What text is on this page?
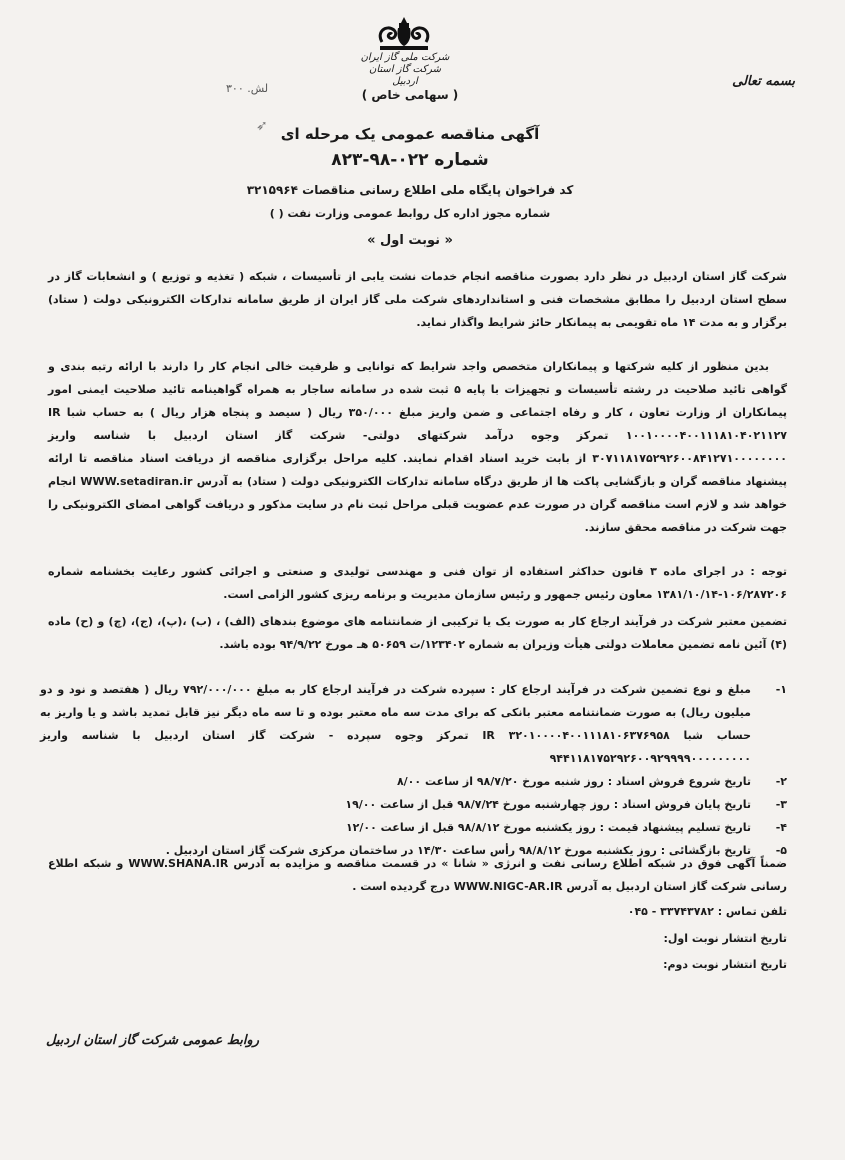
شرکت ملی گاز ایران
شرکت گاز استان اردبیل
( سهامی خاص )
بسمه تعالی
۳۰۰ .لش
➶ آگهی مناقصه عمومی یک مرحله ای
شماره ۰۲۲-۹۸-۸۲۳
کد فراخوان پایگاه ملی اطلاع رسانی مناقصات ۳۲۱۵۹۶۴
شماره مجوز اداره کل روابط عمومی وزارت نفت ( )
« نوبت اول »
شرکت گاز استان اردبیل در نظر دارد بصورت مناقصه انجام خدمات نشت یابی از تأسیسات ، شبکه ( تغذیه و توزیع ) و انشعابات گاز در سطح استان اردبیل را مطابق مشخصات فنی و استانداردهای شرکت ملی گاز ایران از طریق سامانه تدارکات الکترونیکی دولت ( ستاد) برگزار و به مدت ۱۴ ماه تقویمی به پیمانکار حائز شرایط واگذار نماید.
بدین منظور از کلیه شرکتها و پیمانکاران متخصص واجد شرایط که توانایی و ظرفیت خالی انجام کار را دارند با ارائه رتبه بندی و گواهی تائید صلاحیت در رشته تأسیسات و تجهیزات با پایه ۵ ثبت شده در سامانه ساجار به همراه گواهینامه تائید صلاحیت ایمنی امور پیمانکاران از وزارت تعاون ، کار و رفاه اجتماعی و ضمن واریز مبلغ ۳۵۰/۰۰۰ ریال ( سیصد و پنجاه هزار ریال ) به حساب شبا IR ۱۰۰۱۰۰۰۰۴۰۰۱۱۱۸۱۰۴۰۲۱۱۲۷ تمرکز وجوه درآمد شرکتهای دولتی- شرکت گاز استان اردبیل با شناسه واریز ۳۰۷۱۱۸۱۷۵۲۹۲۶۰۰۸۴۱۲۷۱۰۰۰۰۰۰۰۰ از بابت خرید اسناد اقدام نمایند. کلیه مراحل برگزاری مناقصه از دریافت اسناد مناقصه تا ارائه پیشنهاد مناقصه گران و بازگشایی پاکت ها از طریق درگاه سامانه تدارکات الکترونیکی دولت ( ستاد) به آدرس WWW.setadiran.ir انجام خواهد شد و لازم است مناقصه گران در صورت عدم عضویت قبلی مراحل ثبت نام در سایت مذکور و دریافت گواهی امضای الکترونیکی را جهت شرکت در مناقصه محقق سازند.
توجه : در اجرای ماده ۳ قانون حداکثر استفاده از توان فنی و مهندسی تولیدی و صنعتی و اجرائی کشور رعایت بخشنامه شماره ۱۰۶/۲۸۷۲۰۶-۱۳۸۱/۱۰/۱۴ معاون رئیس جمهور و رئیس سازمان مدیریت و برنامه ریزی کشور الزامی است.
تضمین معتبر شرکت در فرآیند ارجاع کار به صورت یک یا ترکیبی از ضمانتنامه های موضوع بندهای (الف) ، (ب) ،(پ)، (ج)، (چ) و (ح) ماده (۴) آئین نامه تضمین معاملات دولتی هیأت وزیران به شماره ۱۲۳۴۰۲/ت ۵۰۶۵۹ هـ مورخ ۹۴/۹/۲۲ بوده باشد.
۱-
مبلغ و نوع تضمین شرکت در فرآیند ارجاع کار : سپرده شرکت در فرآیند ارجاع کار به مبلغ ۷۹۲/۰۰۰/۰۰۰ ریال ( هفتصد و نود و دو میلیون ریال) به صورت ضمانتنامه معتبر بانکی که برای مدت سه ماه معتبر بوده و تا سه ماه دیگر نیز قابل تمدید باشد و یا واریز به حساب شبا IR ۳۲۰۱۰۰۰۰۴۰۰۱۱۱۸۱۰۶۳۷۶۹۵۸ تمرکز وجوه سپرده - شرکت گاز استان اردبیل با شناسه واریز ۹۴۴۱۱۸۱۷۵۲۹۲۶۰۰۹۲۹۹۹۹۰۰۰۰۰۰۰۰۰
۲-
تاریخ شروع فروش اسناد : روز شنبه مورخ ۹۸/۷/۲۰ از ساعت ۸/۰۰
۳-
تاریخ پایان فروش اسناد : روز چهارشنبه مورخ ۹۸/۷/۲۴ قبل از ساعت ۱۹/۰۰
۴-
تاریخ تسلیم پیشنهاد قیمت : روز یکشنبه مورخ ۹۸/۸/۱۲ قبل از ساعت ۱۲/۰۰
۵-
تاریخ بازگشائی : روز یکشنبه مورخ ۹۸/۸/۱۲ رأس ساعت ۱۴/۳۰ در ساختمان مرکزی شرکت گاز استان اردبیل .
ضمناً آگهی فوق در شبکه اطلاع رسانی نفت و انرژی « شانا » در قسمت مناقصه و مزایده به آدرس WWW.SHANA.IR و شبکه اطلاع رسانی شرکت گاز استان اردبیل به آدرس WWW.NIGC-AR.IR درج گردیده است .
تلفن تماس : ۳۳۷۴۳۷۸۲ - ۰۴۵
تاریخ انتشار نوبت اول:
تاریخ انتشار نوبت دوم:
روابط عمومی شرکت گاز استان اردبیل
